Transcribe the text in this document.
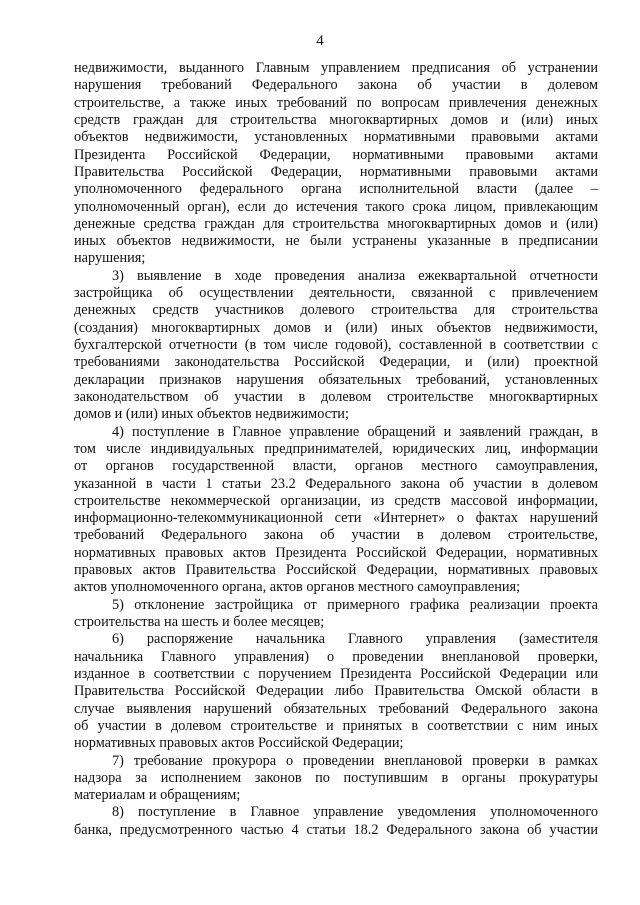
4
недвижимости, выданного Главным управлением предписания об устранении
нарушения требований Федерального закона об участии в долевом
строительстве, а также иных требований по вопросам привлечения денежных
средств граждан для строительства многоквартирных домов и (или) иных
объектов недвижимости, установленных нормативными правовыми актами
Президента Российской Федерации, нормативными правовыми актами
Правительства Российской Федерации, нормативными правовыми актами
уполномоченного федерального органа исполнительной власти (далее –
уполномоченный орган), если до истечения такого срока лицом, привлекающим
денежные средства граждан для строительства многоквартирных домов и (или)
иных объектов недвижимости, не были устранены указанные в предписании
нарушения;
3) выявление в ходе проведения анализа ежеквартальной отчетности
застройщика об осуществлении деятельности, связанной с привлечением
денежных средств участников долевого строительства для строительства
(создания) многоквартирных домов и (или) иных объектов недвижимости,
бухгалтерской отчетности (в том числе годовой), составленной в соответствии с
требованиями законодательства Российской Федерации, и (или) проектной
декларации признаков нарушения обязательных требований, установленных
законодательством об участии в долевом строительстве многоквартирных
домов и (или) иных объектов недвижимости;
4) поступление в Главное управление обращений и заявлений граждан, в
том числе индивидуальных предпринимателей, юридических лиц, информации
от органов государственной власти, органов местного самоуправления,
указанной в части 1 статьи 23.2 Федерального закона об участии в долевом
строительстве некоммерческой организации, из средств массовой информации,
информационно-телекоммуникационной сети «Интернет» о фактах нарушений
требований Федерального закона об участии в долевом строительстве,
нормативных правовых актов Президента Российской Федерации, нормативных
правовых актов Правительства Российской Федерации, нормативных правовых
актов уполномоченного органа, актов органов местного самоуправления;
5) отклонение застройщика от примерного графика реализации проекта
строительства на шесть и более месяцев;
6) распоряжение начальника Главного управления (заместителя
начальника Главного управления) о проведении внеплановой проверки,
изданное в соответствии с поручением Президента Российской Федерации или
Правительства Российской Федерации либо Правительства Омской области в
случае выявления нарушений обязательных требований Федерального закона
об участии в долевом строительстве и принятых в соответствии с ним иных
нормативных правовых актов Российской Федерации;
7) требование прокурора о проведении внеплановой проверки в рамках
надзора за исполнением законов по поступившим в органы прокуратуры
материалам и обращениям;
8) поступление в Главное управление уведомления уполномоченного
банка, предусмотренного частью 4 статьи 18.2 Федерального закона об участии
